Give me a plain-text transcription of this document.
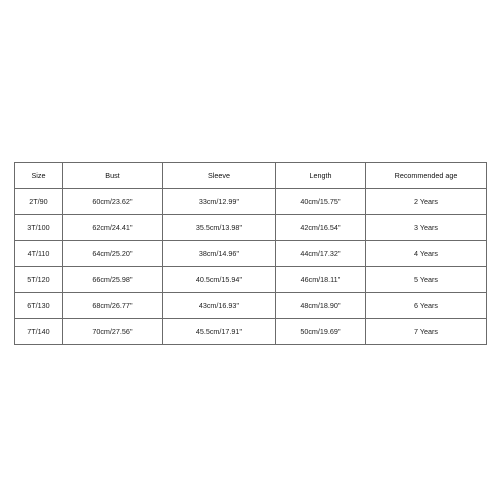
Size	Bust	Sleeve	Length	Recommended age
2T/90	60cm/23.62''	33cm/12.99''	40cm/15.75''	2 Years
3T/100	62cm/24.41''	35.5cm/13.98''	42cm/16.54''	3 Years
4T/110	64cm/25.20''	38cm/14.96''	44cm/17.32''	4 Years
5T/120	66cm/25.98''	40.5cm/15.94''	46cm/18.11''	5 Years
6T/130	68cm/26.77''	43cm/16.93''	48cm/18.90''	6 Years
7T/140	70cm/27.56''	45.5cm/17.91''	50cm/19.69''	7 Years
